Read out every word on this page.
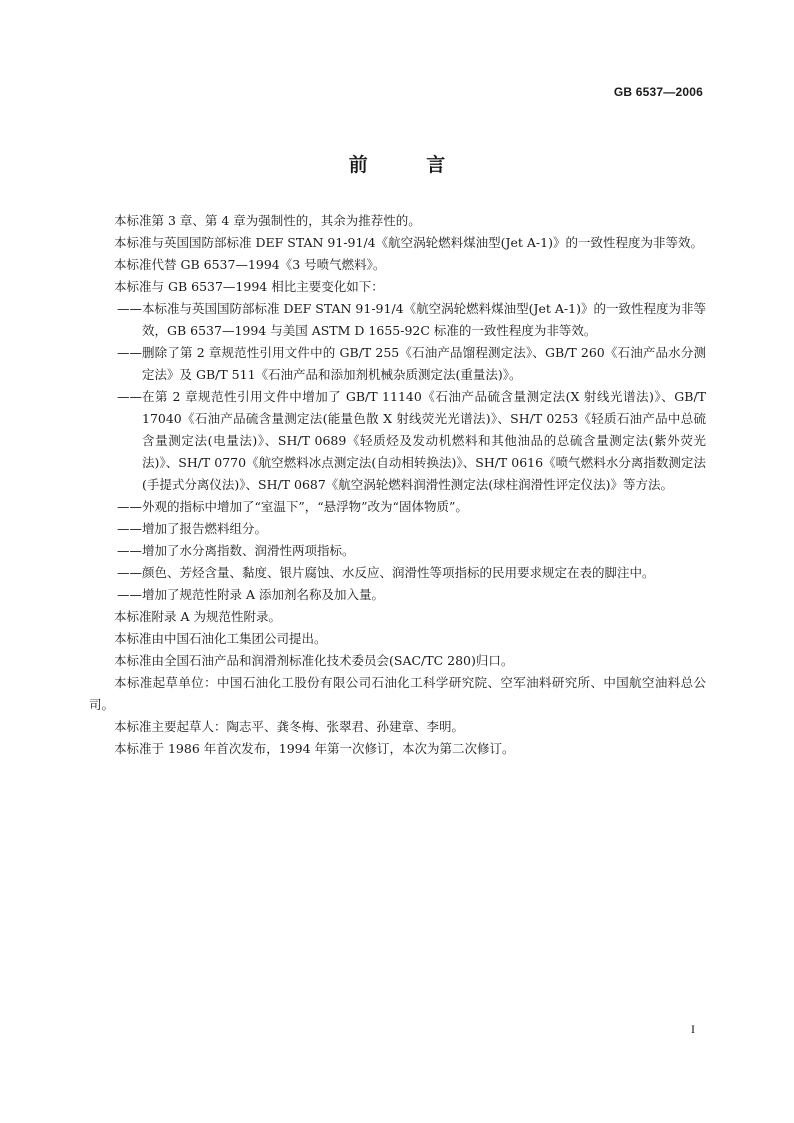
GB 6537—2006
前 言

本标准第 3 章、第 4 章为强制性的，其余为推荐性的。

本标准与英国国防部标准 DEF STAN 91-91/4《航空涡轮燃料煤油型(Jet A-1)》的一致性程度为非等效。

本标准代替 GB 6537—1994《3 号喷气燃料》。

本标准与 GB 6537—1994 相比主要变化如下：

—— 本标准与英国国防部标准 DEF STAN 91-91/4《航空涡轮燃料煤油型(Jet A-1)》的一致性程度为非等效，GB 6537—1994 与美国 ASTM D 1655-92C 标准的一致性程度为非等效。
—— 删除了第 2 章规范性引用文件中的 GB/T 255《石油产品馏程测定法》、GB/T 260《石油产品水分测定法》及 GB/T 511《石油产品和添加剂机械杂质测定法(重量法)》。
—— 在第 2 章规范性引用文件中增加了 GB/T 11140《石油产品硫含量测定法(X 射线光谱法)》、GB/T 17040《石油产品硫含量测定法(能量色散 X 射线荧光光谱法)》、SH/T 0253《轻质石油产品中总硫含量测定法(电量法)》、SH/T 0689《轻质烃及发动机燃料和其他油品的总硫含量测定法(紫外荧光法)》、SH/T 0770《航空燃料冰点测定法(自动相转换法)》、SH/T 0616《喷气燃料水分离指数测定法(手提式分离仪法)》、SH/T 0687《航空涡轮燃料润滑性测定法(球柱润滑性评定仪法)》等方法。
—— 外观的指标中增加了“室温下”，“悬浮物”改为“固体物质”。
—— 增加了报告燃料组分。
—— 增加了水分离指数、润滑性两项指标。
—— 颜色、芳烃含量、黏度、银片腐蚀、水反应、润滑性等项指标的民用要求规定在表的脚注中。
—— 增加了规范性附录 A 添加剂名称及加入量。

本标准附录 A 为规范性附录。

本标准由中国石油化工集团公司提出。

本标准由全国石油产品和润滑剂标准化技术委员会(SAC/TC 280)归口。

本标准起草单位：中国石油化工股份有限公司石油化工科学研究院、空军油料研究所、中国航空油料总公司。

本标准主要起草人：陶志平、龚冬梅、张翠君、孙建章、李明。

本标准于 1986 年首次发布，1994 年第一次修订，本次为第二次修订。

I
